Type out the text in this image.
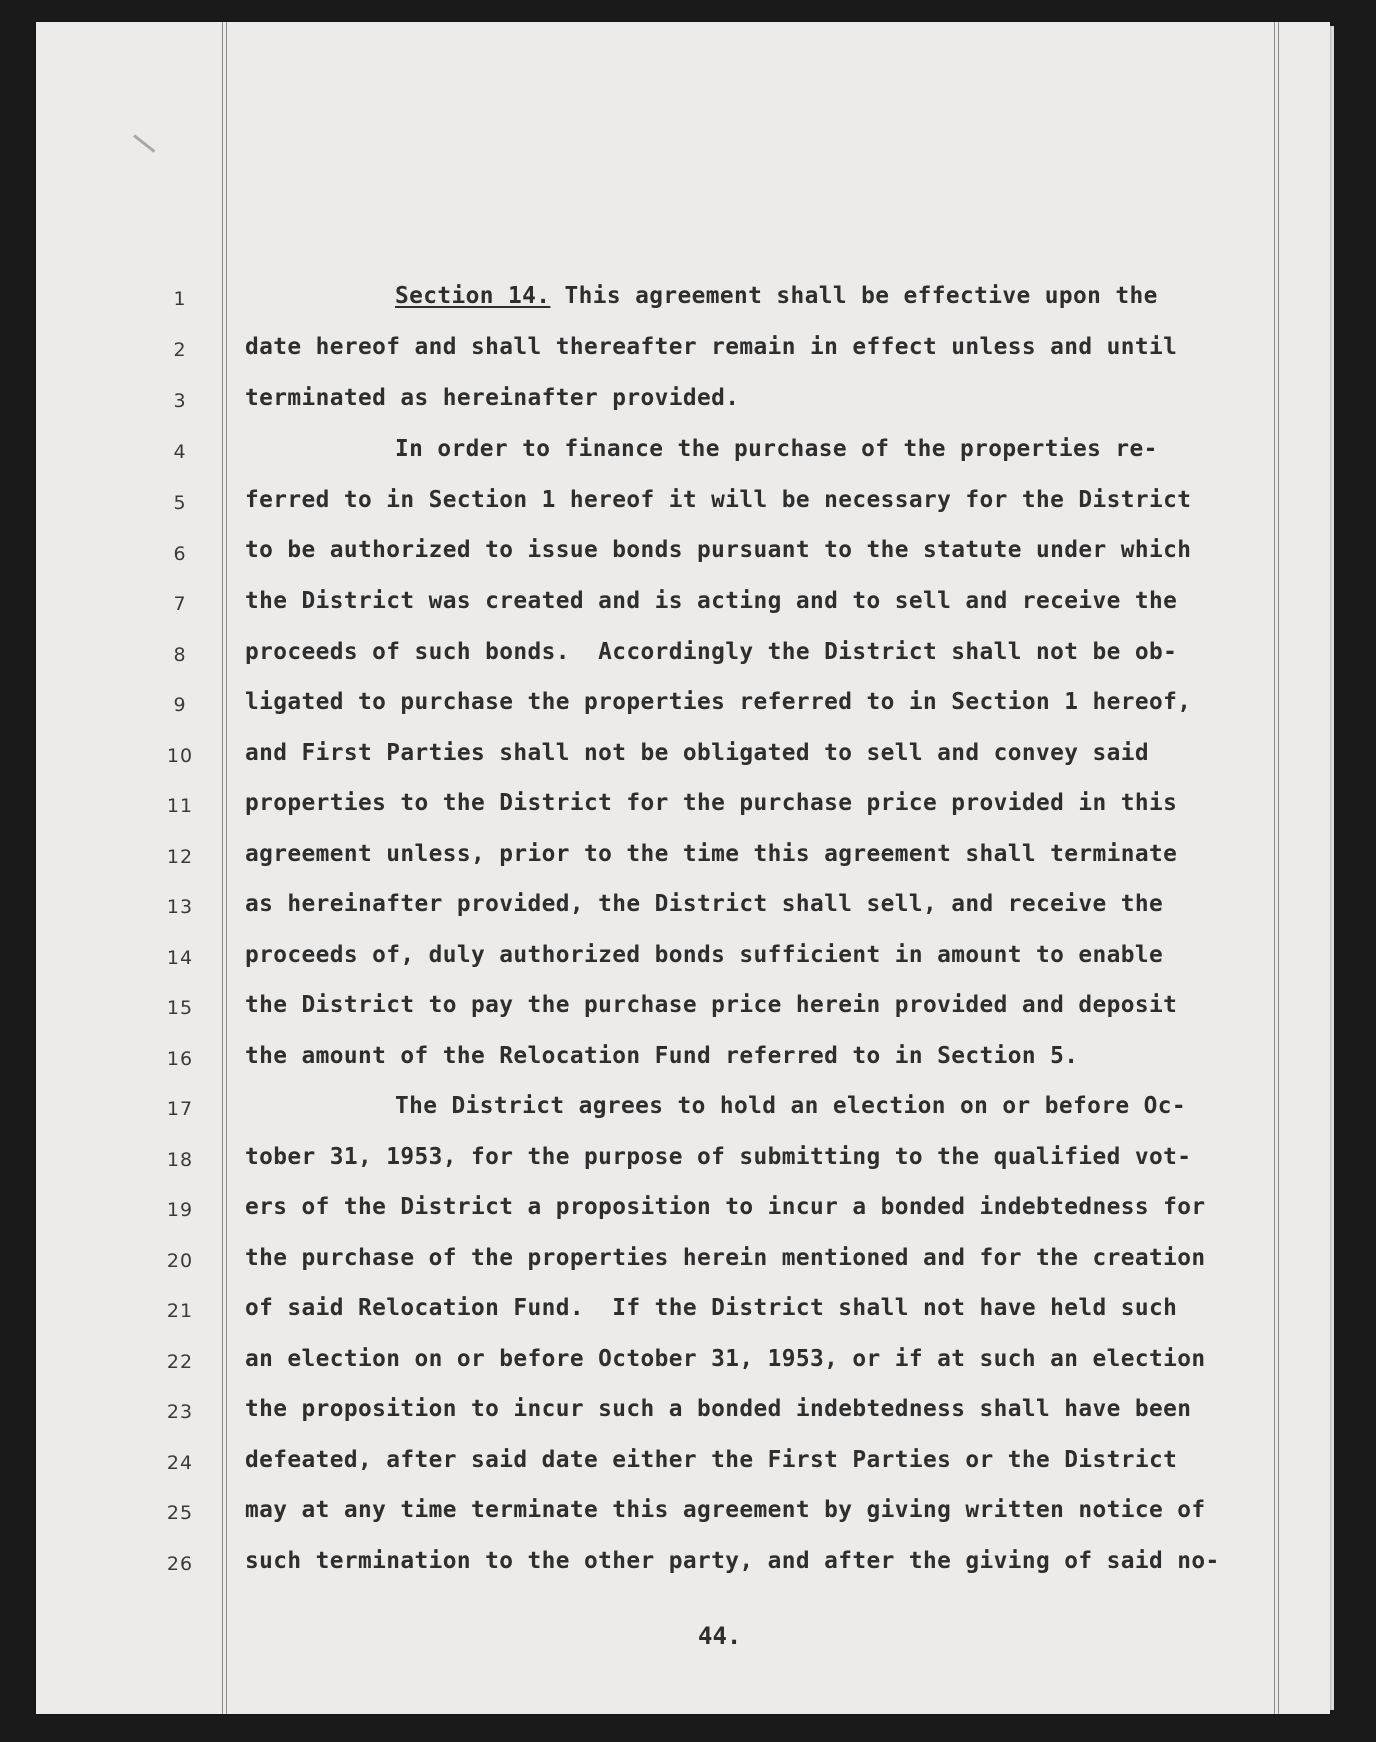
1
2
3
4
5
6
7
8
9
10
11
12
13
14
15
16
17
18
19
20
21
22
23
24
25
26
Section 14. This agreement shall be effective upon the
date hereof and shall thereafter remain in effect unless and until
terminated as hereinafter provided.
In order to finance the purchase of the properties re-
ferred to in Section 1 hereof it will be necessary for the District
to be authorized to issue bonds pursuant to the statute under which
the District was created and is acting and to sell and receive the
proceeds of such bonds.  Accordingly the District shall not be ob-
ligated to purchase the properties referred to in Section 1 hereof,
and First Parties shall not be obligated to sell and convey said
properties to the District for the purchase price provided in this
agreement unless, prior to the time this agreement shall terminate
as hereinafter provided, the District shall sell, and receive the
proceeds of, duly authorized bonds sufficient in amount to enable
the District to pay the purchase price herein provided and deposit
the amount of the Relocation Fund referred to in Section 5.
The District agrees to hold an election on or before Oc-
tober 31, 1953, for the purpose of submitting to the qualified vot-
ers of the District a proposition to incur a bonded indebtedness for
the purchase of the properties herein mentioned and for the creation
of said Relocation Fund.  If the District shall not have held such
an election on or before October 31, 1953, or if at such an election
the proposition to incur such a bonded indebtedness shall have been
defeated, after said date either the First Parties or the District
may at any time terminate this agreement by giving written notice of
such termination to the other party, and after the giving of said no-
44.
